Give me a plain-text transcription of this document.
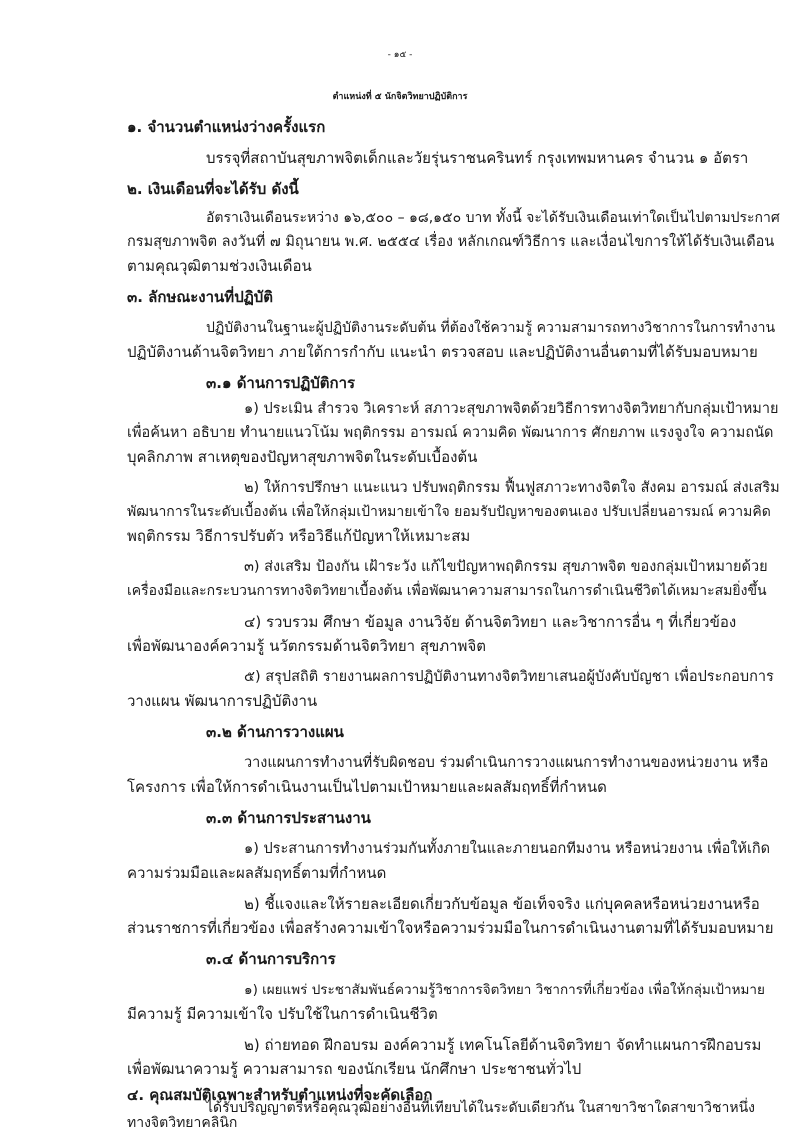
- ๑๕ -
ตำแหน่งที่ ๕ นักจิตวิทยาปฏิบัติการ
๑. จำนวนตำแหน่งว่างครั้งแรก
บรรจุที่สถาบันสุขภาพจิตเด็กและวัยรุ่นราชนครินทร์ กรุงเทพมหานคร จำนวน ๑ อัตรา
๒. เงินเดือนที่จะได้รับ ดังนี้
อัตราเงินเดือนระหว่าง ๑๖,๕๐๐ – ๑๘,๑๕๐ บาท ทั้งนี้ จะได้รับเงินเดือนเท่าใดเป็นไปตามประกาศ
กรมสุขภาพจิต ลงวันที่ ๗ มิถุนายน พ.ศ. ๒๕๕๔ เรื่อง หลักเกณฑ์วิธีการ และเงื่อนไขการให้ได้รับเงินเดือน
ตามคุณวุฒิตามช่วงเงินเดือน
๓. ลักษณะงานที่ปฏิบัติ
ปฏิบัติงานในฐานะผู้ปฏิบัติงานระดับต้น ที่ต้องใช้ความรู้ ความสามารถทางวิชาการในการทำงาน
ปฏิบัติงานด้านจิตวิทยา ภายใต้การกำกับ แนะนำ ตรวจสอบ และปฏิบัติงานอื่นตามที่ได้รับมอบหมาย
๓.๑ ด้านการปฏิบัติการ
๑) ประเมิน สำรวจ วิเคราะห์ สภาวะสุขภาพจิตด้วยวิธีการทางจิตวิทยากับกลุ่มเป้าหมาย
เพื่อค้นหา อธิบาย ทำนายแนวโน้ม พฤติกรรม อารมณ์ ความคิด พัฒนาการ ศักยภาพ แรงจูงใจ ความถนัด
บุคลิกภาพ สาเหตุของปัญหาสุขภาพจิตในระดับเบื้องต้น
๒) ให้การปรึกษา แนะแนว ปรับพฤติกรรม ฟื้นฟูสภาวะทางจิตใจ สังคม อารมณ์ ส่งเสริม
พัฒนาการในระดับเบื้องต้น เพื่อให้กลุ่มเป้าหมายเข้าใจ ยอมรับปัญหาของตนเอง ปรับเปลี่ยนอารมณ์ ความคิด
พฤติกรรม วิธีการปรับตัว หรือวิธีแก้ปัญหาให้เหมาะสม
๓) ส่งเสริม ป้องกัน เฝ้าระวัง แก้ไขปัญหาพฤติกรรม สุขภาพจิต ของกลุ่มเป้าหมายด้วย
เครื่องมือและกระบวนการทางจิตวิทยาเบื้องต้น เพื่อพัฒนาความสามารถในการดำเนินชีวิตได้เหมาะสมยิ่งขึ้น
๔) รวบรวม ศึกษา ข้อมูล งานวิจัย ด้านจิตวิทยา และวิชาการอื่น ๆ ที่เกี่ยวข้อง
เพื่อพัฒนาองค์ความรู้ นวัตกรรมด้านจิตวิทยา สุขภาพจิต
๕) สรุปสถิติ รายงานผลการปฏิบัติงานทางจิตวิทยาเสนอผู้บังคับบัญชา เพื่อประกอบการ
วางแผน พัฒนาการปฏิบัติงาน
๓.๒ ด้านการวางแผน
วางแผนการทำงานที่รับผิดชอบ ร่วมดำเนินการวางแผนการทำงานของหน่วยงาน หรือ
โครงการ เพื่อให้การดำเนินงานเป็นไปตามเป้าหมายและผลสัมฤทธิ์ที่กำหนด
๓.๓ ด้านการประสานงาน
๑) ประสานการทำงานร่วมกันทั้งภายในและภายนอกทีมงาน หรือหน่วยงาน เพื่อให้เกิด
ความร่วมมือและผลสัมฤทธิ์ตามที่กำหนด
๒) ชี้แจงและให้รายละเอียดเกี่ยวกับข้อมูล ข้อเท็จจริง แก่บุคคลหรือหน่วยงานหรือ
ส่วนราชการที่เกี่ยวข้อง เพื่อสร้างความเข้าใจหรือความร่วมมือในการดำเนินงานตามที่ได้รับมอบหมาย
๓.๔ ด้านการบริการ
๑) เผยแพร่ ประชาสัมพันธ์ความรู้วิชาการจิตวิทยา วิชาการที่เกี่ยวข้อง เพื่อให้กลุ่มเป้าหมาย
มีความรู้ มีความเข้าใจ ปรับใช้ในการดำเนินชีวิต
๒) ถ่ายทอด ฝึกอบรม องค์ความรู้ เทคโนโลยีด้านจิตวิทยา จัดทำแผนการฝึกอบรม
เพื่อพัฒนาความรู้ ความสามารถ ของนักเรียน นักศึกษา ประชาชนทั่วไป
๔. คุณสมบัติเฉพาะสำหรับตำแหน่งที่จะคัดเลือก
ได้รับปริญญาตรีหรือคุณวุฒิอย่างอื่นที่เทียบได้ในระดับเดียวกัน ในสาขาวิชาใดสาขาวิชาหนึ่ง
ทางจิตวิทยาคลินิก
